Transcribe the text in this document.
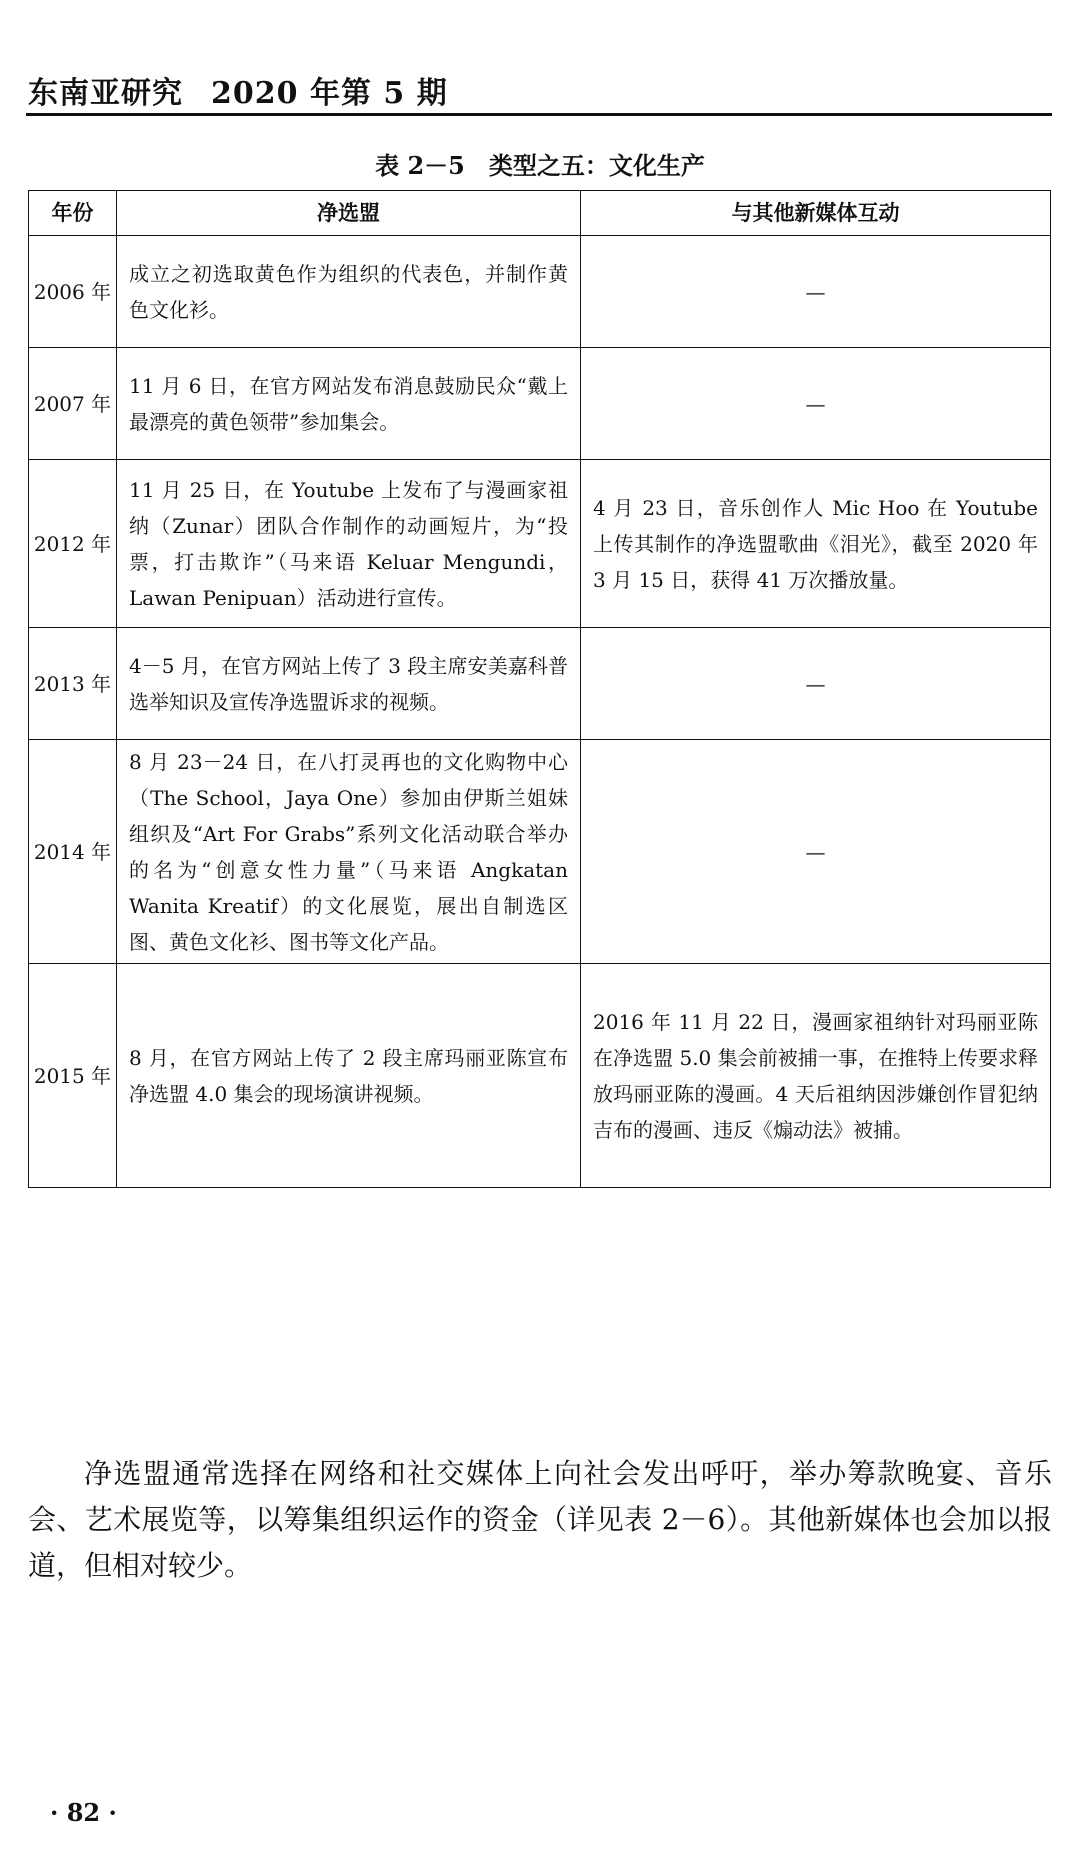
东南亚研究 2020 年第 5 期
表 2－5　类型之五：文化生产
年份	净选盟	与其他新媒体互动
2006 年	成立之初选取黄色作为组织的代表色，并制作黄色文化衫。	—
2007 年	11 月 6 日，在官方网站发布消息鼓励民众“戴上最漂亮的黄色领带”参加集会。	—
2012 年	11 月 25 日，在 Youtube 上发布了与漫画家祖纳（Zunar）团队合作制作的动画短片，为“投票，打击欺诈”（马来语 Keluar Mengundi，Lawan Penipuan）活动进行宣传。	4 月 23 日，音乐创作人 Mic Hoo 在 Youtube 上传其制作的净选盟歌曲《泪光》，截至 2020 年 3 月 15 日，获得 41 万次播放量。
2013 年	4－5 月，在官方网站上传了 3 段主席安美嘉科普选举知识及宣传净选盟诉求的视频。	—
2014 年	8 月 23－24 日，在八打灵再也的文化购物中心（The School，Jaya One）参加由伊斯兰姐妹组织及“Art For Grabs”系列文化活动联合举办的名为“创意女性力量”（马来语 Angkatan Wanita Kreatif）的文化展览，展出自制选区图、黄色文化衫、图书等文化产品。	—
2015 年	8 月，在官方网站上传了 2 段主席玛丽亚陈宣布净选盟 4.0 集会的现场演讲视频。	2016 年 11 月 22 日，漫画家祖纳针对玛丽亚陈在净选盟 5.0 集会前被捕一事，在推特上传要求释放玛丽亚陈的漫画。4 天后祖纳因涉嫌创作冒犯纳吉布的漫画、违反《煽动法》被捕。

净选盟通常选择在网络和社交媒体上向社会发出呼吁，举办筹款晚宴、音乐会、艺术展览等，以筹集组织运作的资金（详见表 2－6）。其他新媒体也会加以报道，但相对较少。

· 82 ·
